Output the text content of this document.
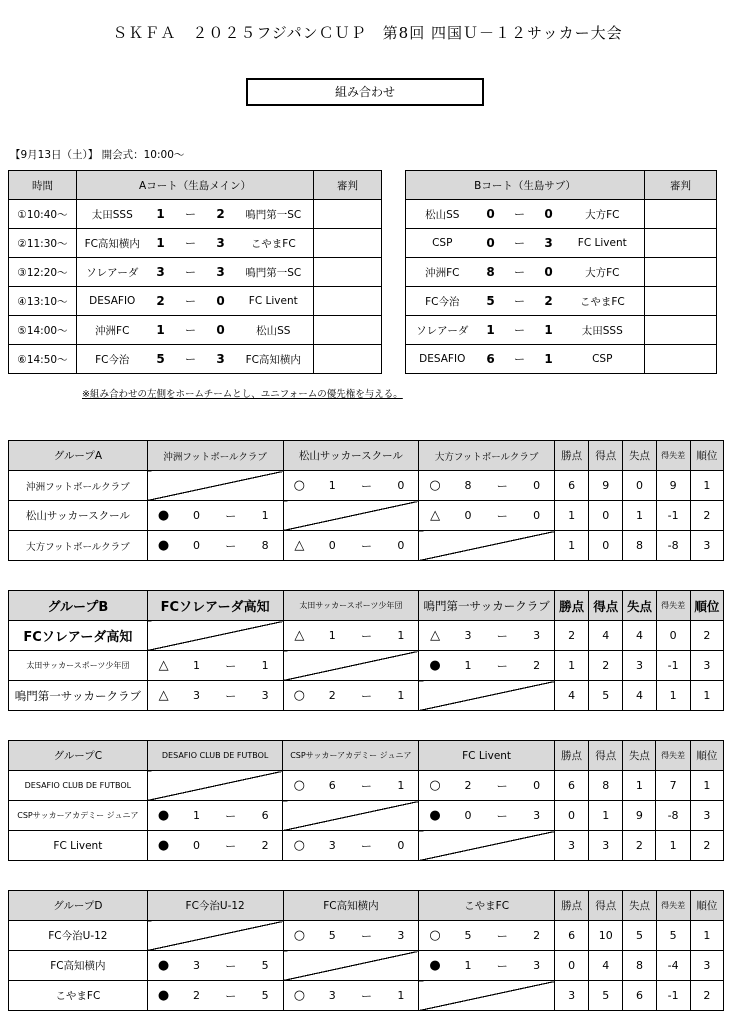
ＳＫＦＡ　２０２５フジパンＣＵＰ　第8回 四国Ｕ－１２サッカー大会
組み合わせ
【9月13日（土）】 開会式：10:00～
時間	Aコート（生島メイン）					審判		Bコート（生島サブ）					審判
①10:40～	太田SSS	1	ー	2	鳴門第一SC			松山SS	0	ー	0	大方FC	
②11:30～	FC高知横内	1	ー	3	こやまFC			CSP	0	ー	3	FC Livent	
③12:20～	ソレアーダ	3	ー	3	鳴門第一SC			沖洲FC	8	ー	0	大方FC	
④13:10～	DESAFIO	2	ー	0	FC Livent			FC今治	5	ー	2	こやまFC	
⑤14:00～	沖洲FC	1	ー	0	松山SS			ソレアーダ	1	ー	1	太田SSS	
⑥14:50～	FC今治	5	ー	3	FC高知横内			DESAFIO	6	ー	1	CSP	
※組み合わせの左側をホームチームとし、ユニフォームの優先権を与える。
グループA	沖洲フットボールクラブ				松山サッカースクール				大方フットボールクラブ				勝点	得点	失点	得失差	順位
沖洲フットボールクラブ					○	1	ー	0	○	8	ー	0	6	9	0	9	1
松山サッカースクール	●	0	ー	1					△	0	ー	0	1	0	1	-1	2
大方フットボールクラブ	●	0	ー	8	△	0	ー	0					1	0	8	-8	3
グループB	FCソレアーダ高知				太田サッカースポーツ少年団				鳴門第一サッカークラブ				勝点	得点	失点	得失差	順位
FCソレアーダ高知					△	1	ー	1	△	3	ー	3	2	4	4	0	2
太田サッカースポーツ少年団	△	1	ー	1					●	1	ー	2	1	2	3	-1	3
鳴門第一サッカークラブ	△	3	ー	3	○	2	ー	1					4	5	4	1	1
グループC	DESAFIO CLUB DE FUTBOL				CSPサッカーアカデミー ジュニア				FC Livent				勝点	得点	失点	得失差	順位
DESAFIO CLUB DE FUTBOL					○	6	ー	1	○	2	ー	0	6	8	1	7	1
CSPサッカーアカデミー ジュニア	●	1	ー	6					●	0	ー	3	0	1	9	-8	3
FC Livent	●	0	ー	2	○	3	ー	0					3	3	2	1	2
グループD	FC今治U-12				FC高知横内				こやまFC				勝点	得点	失点	得失差	順位
FC今治U-12					○	5	ー	3	○	5	ー	2	6	10	5	5	1
FC高知横内	●	3	ー	5					●	1	ー	3	0	4	8	-4	3
こやまFC	●	2	ー	5	○	3	ー	1					3	5	6	-1	2
